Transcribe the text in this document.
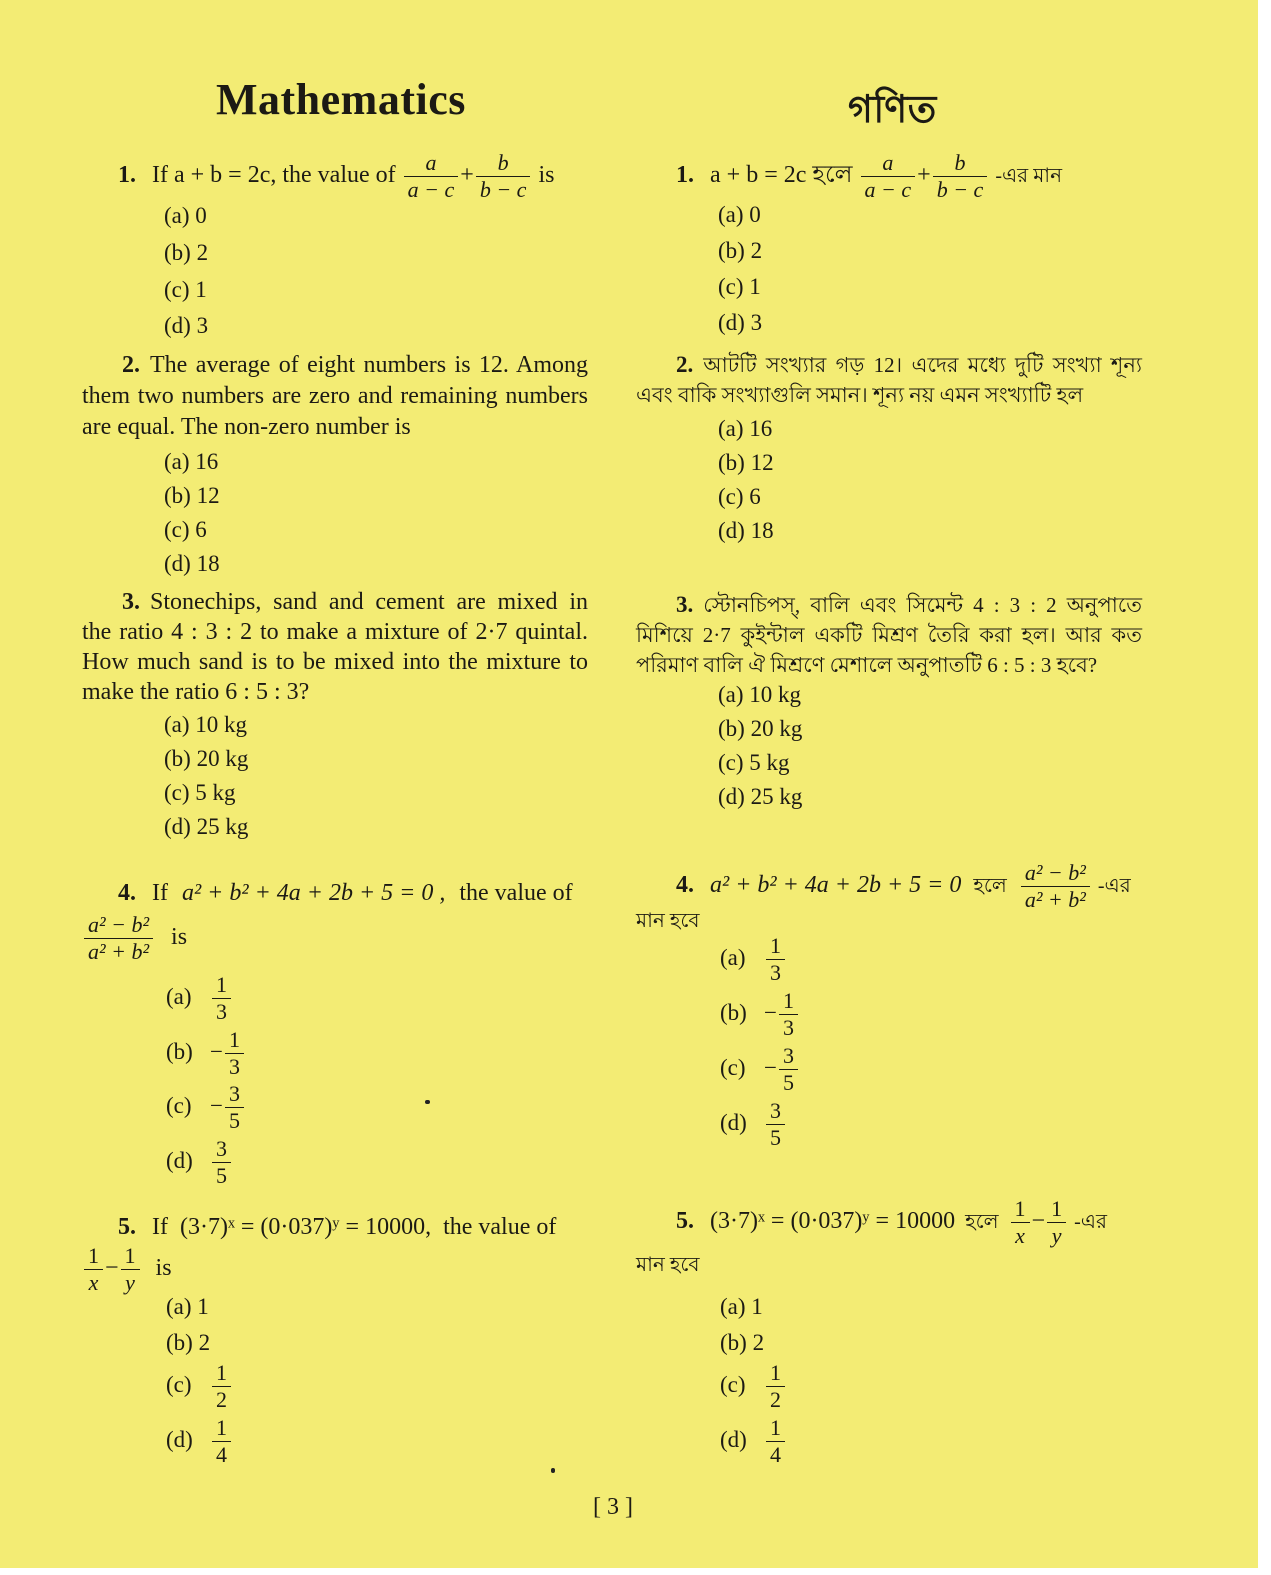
Mathematics	গণিত
1. If a + b = 2c, the value of $\frac{a}{a - c} + \frac{b}{b - c}$ is
(a) 0
(b) 2
(c) 1
(d) 3
2. The average of eight numbers is 12. Among them two numbers are zero and remaining numbers are equal. The non-zero number is
(a) 16
(b) 12
(c) 6
(d) 18
3. Stonechips, sand and cement are mixed in the ratio 4 : 3 : 2 to make a mixture of 2·7 quintal. How much sand is to be mixed into the mixture to make the ratio 6 : 5 : 3?
(a) 10 kg
(b) 20 kg
(c) 5 kg
(d) 25 kg
4. If a² + b² + 4a + 2b + 5 = 0 , the value of
$\frac{\text{a² − b²}}{\text{a² + b²}}$ is
$(a) \frac{1}{3}$
$(b) - \frac{1}{3}$
$(c) - \frac{3}{5}$
$(d) \frac{3}{5}$
5. If (3·7)ˣ = (0·037)ʸ = 10000, the value of
$\frac{1}{x} - \frac{1}{y}$ is
(a) 1
(b) 2
$(c) \frac{1}{2}$
$(d) \frac{1}{4}$
1. a + b = 2c হলে $\frac{a}{a - c} + \frac{b}{b - c}$ -এর মান
(a) 0
(b) 2
(c) 1
(d) 3
2. আটটি সংখ্যার গড় 12। এদের মধ্যে দুটি সংখ্যা শূন্য এবং বাকি সংখ্যাগুলি সমান। শূন্য নয় এমন সংখ্যাটি হল
(a) 16
(b) 12
(c) 6
(d) 18
3. স্টোনচিপস্, বালি এবং সিমেন্ট 4 : 3 : 2 অনুপাতে মিশিয়ে 2·7 কুইন্টাল একটি মিশ্রণ তৈরি করা হল। আর কত পরিমাণ বালি ঐ মিশ্রণে মেশালে অনুপাতটি 6 : 5 : 3 হবে?
(a) 10 kg
(b) 20 kg
(c) 5 kg
(d) 25 kg
4. a² + b² + 4a + 2b + 5 = 0 হলে $\frac{\text{a² − b²}}{\text{a² + b²}}$ -এর
মান হবে
$(a) \frac{1}{3}$
$(b) - \frac{1}{3}$
$(c) - \frac{3}{5}$
$(d) \frac{3}{5}$
5. (3·7)ˣ = (0·037)ʸ = 10000 হলে $\frac{1}{x} - \frac{1}{y}$ -এর
মান হবে
(a) 1
(b) 2
$(c) \frac{1}{2}$
$(d) \frac{1}{4}$
[ 3 ]
